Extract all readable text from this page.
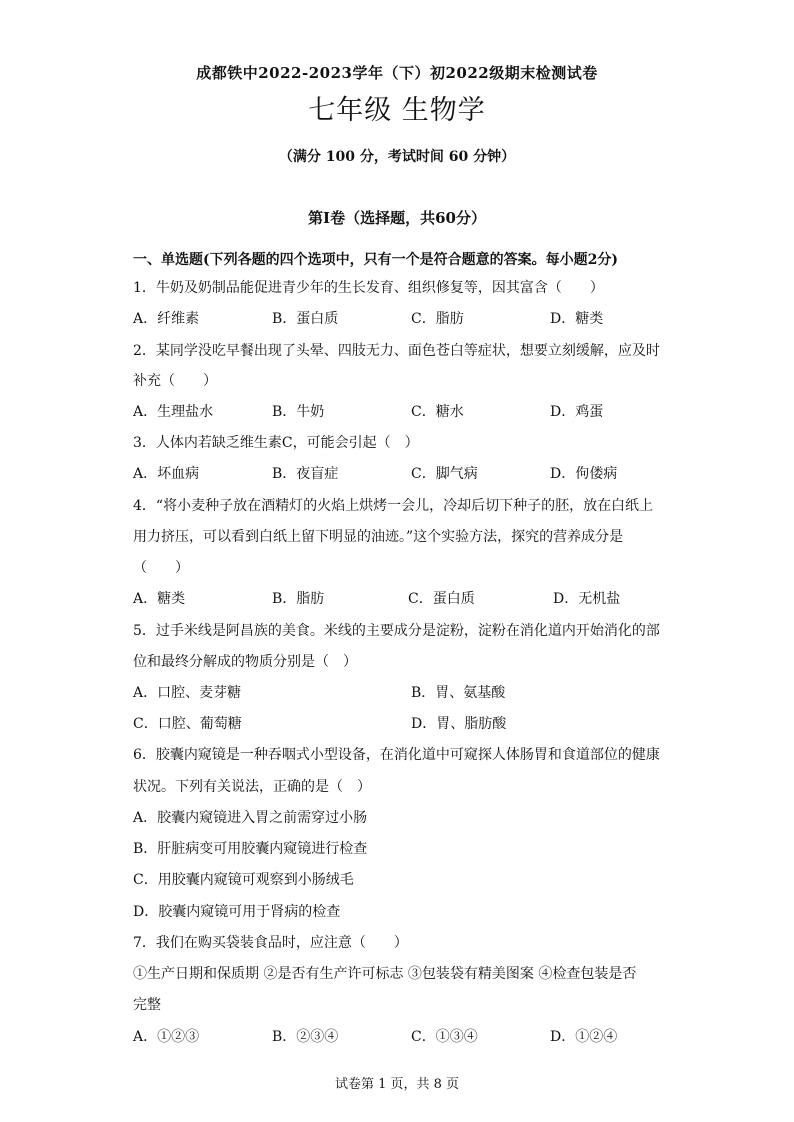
成都铁中2022-2023学年（下）初2022级期末检测试卷
七年级 生物学
（满分 100 分，考试时间 60 分钟）
第Ⅰ卷（选择题，共60分）
一、单选题(下列各题的四个选项中，只有一个是符合题意的答案。每小题2分)
1．牛奶及奶制品能促进青少年的生长发育、组织修复等，因其富含（　　）
A．纤维素	B．蛋白质	C．脂肪	D．糖类
2．某同学没吃早餐出现了头晕、四肢无力、面色苍白等症状，想要立刻缓解，应及时
补充（　　）
A．生理盐水	B．牛奶	C．糖水	D．鸡蛋
3．人体内若缺乏维生素C，可能会引起（　）
A．坏血病	B．夜盲症	C．脚气病	D．佝偻病
4．“将小麦种子放在酒精灯的火焰上烘烤一会儿，冷却后切下种子的胚，放在白纸上
用力挤压，可以看到白纸上留下明显的油迹。”这个实验方法，探究的营养成分是
（　　）
A．糖类	B．脂肪	C．蛋白质	D．无机盐
5．过手米线是阿昌族的美食。米线的主要成分是淀粉，淀粉在消化道内开始消化的部
位和最终分解成的物质分别是（　）
A．口腔、麦芽糖	B．胃、氨基酸
C．口腔、葡萄糖	D．胃、脂肪酸
6．胶囊内窥镜是一种吞咽式小型设备，在消化道中可窥探人体肠胃和食道部位的健康
状况。下列有关说法，正确的是（　）
A．胶囊内窥镜进入胃之前需穿过小肠
B．肝脏病变可用胶囊内窥镜进行检查
C．用胶囊内窥镜可观察到小肠绒毛
D．胶囊内窥镜可用于肾病的检查
7．我们在购买袋装食品时，应注意（　　）
①生产日期和保质期 ②是否有生产许可标志 ③包装袋有精美图案 ④检查包装是否
完整
A．①②③	B．②③④	C．①③④	D．①②④
试卷第 1 页，共 8 页
